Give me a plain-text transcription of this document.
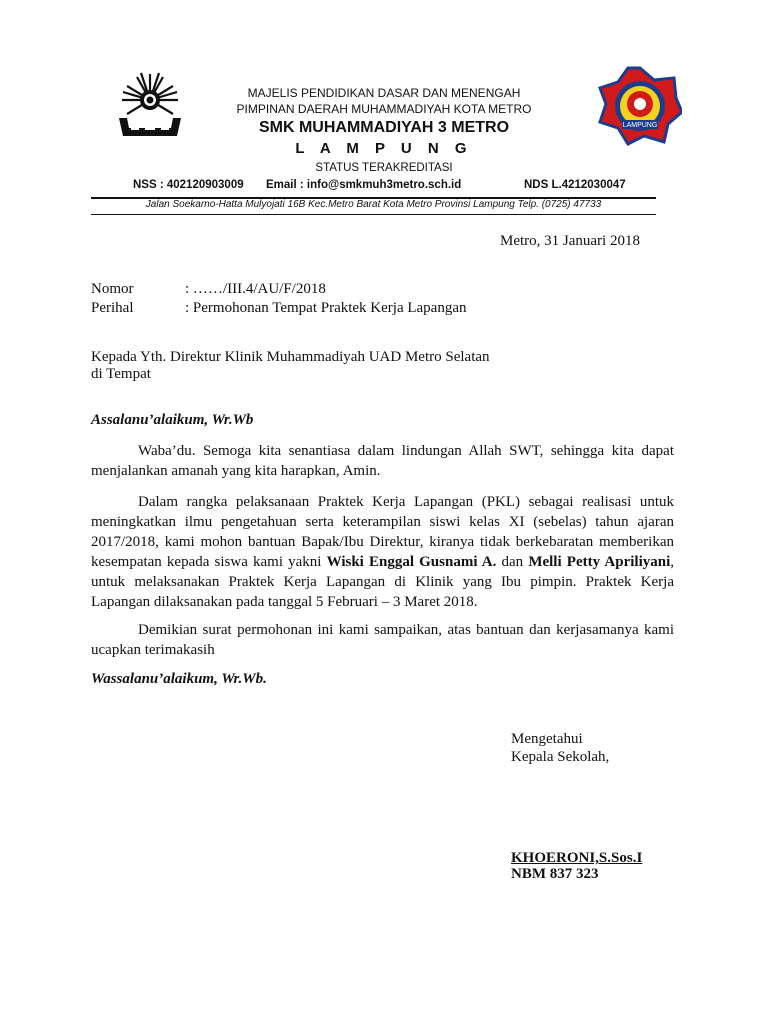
LAMPUNG
MAJELIS PENDIDIKAN DASAR DAN MENENGAH
PIMPINAN DAERAH MUHAMMADIYAH KOTA METRO
SMK MUHAMMADIYAH 3 METRO
L A M P U N G
STATUS TERAKREDITASI
NSS : 402120903009 Email : info@smkmuh3metro.sch.id	NDS L.4212030047
Jalan Soekarno-Hatta Mulyojati 16B Kec.Metro Barat Kota Metro Provinsi Lampung Telp. (0725) 47733
Metro, 31 Januari 2018
Nomor	: ……/III.4/AU/F/2018
Perihal	: Permohonan Tempat Praktek Kerja Lapangan
Kepada Yth. Direktur Klinik Muhammadiyah UAD Metro Selatan
di Tempat
Assalanu’alaikum, Wr.Wb
Waba’du. Semoga kita senantiasa dalam lindungan Allah SWT, sehingga kita dapat menjalankan amanah yang kita harapkan, Amin.
Dalam rangka pelaksanaan Praktek Kerja Lapangan (PKL) sebagai realisasi untuk meningkatkan ilmu pengetahuan serta keterampilan siswi kelas XI (sebelas) tahun ajaran 2017/2018, kami mohon bantuan Bapak/Ibu Direktur, kiranya tidak berkebaratan memberikan kesempatan kepada siswa kami yakni Wiski Enggal Gusnami A. dan Melli Petty Apriliyani, untuk melaksanakan Praktek Kerja Lapangan di Klinik yang Ibu pimpin. Praktek Kerja Lapangan dilaksanakan pada tanggal 5 Februari – 3 Maret 2018.
Demikian surat permohonan ini kami sampaikan, atas bantuan dan kerjasamanya kami ucapkan terimakasih
Wassalanu’alaikum, Wr.Wb.
Mengetahui
Kepala Sekolah,
KHOERONI,S.Sos.I
NBM 837 323
